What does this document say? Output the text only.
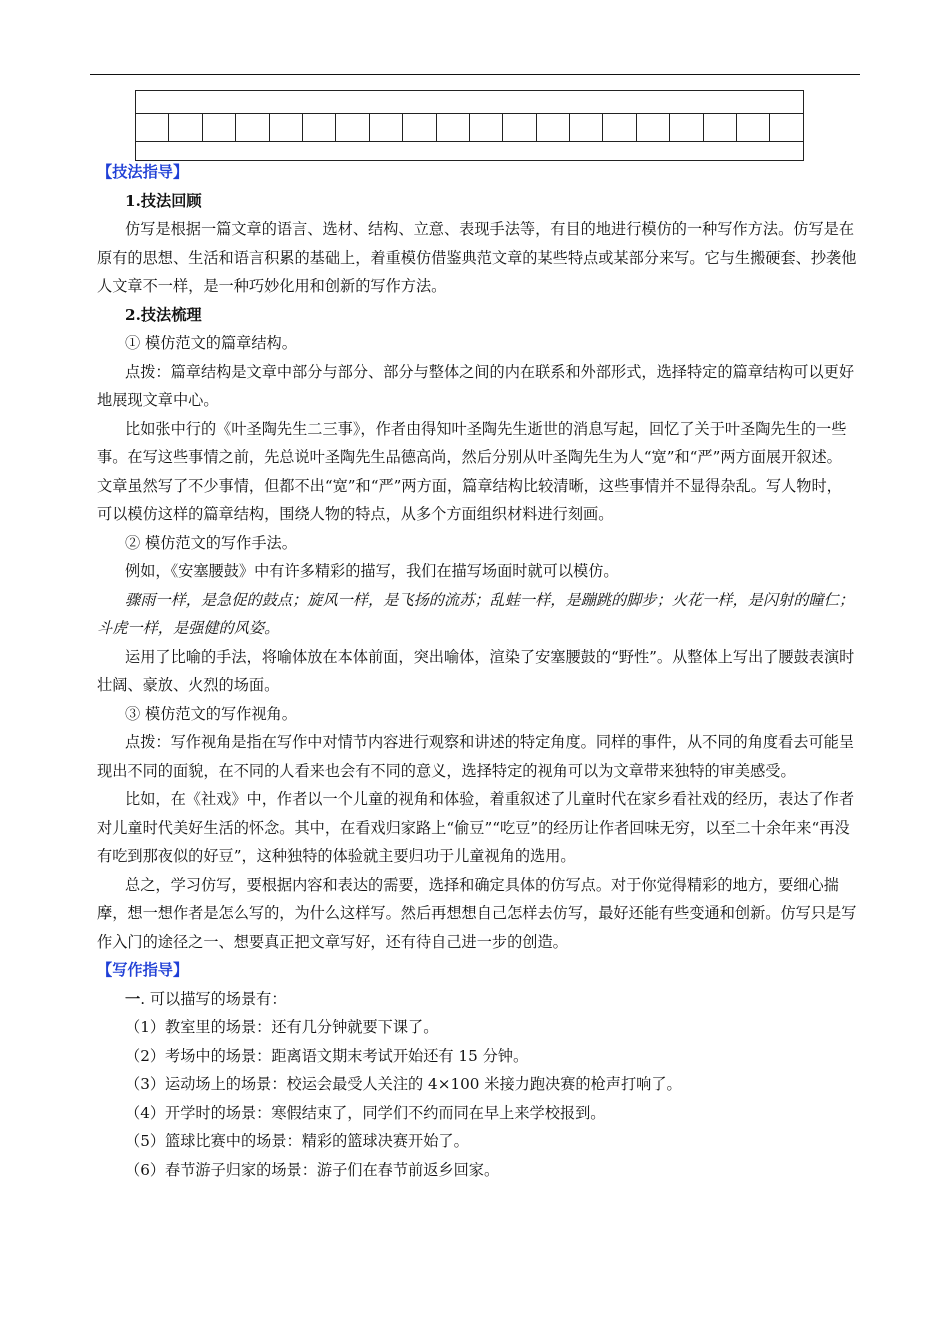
【技法指导】

1.技法回顾

仿写是根据一篇文章的语言、选材、结构、立意、表现手法等，有目的地进行模仿的一种写作方法。仿写是在原有的思想、生活和语言积累的基础上，着重模仿借鉴典范文章的某些特点或某部分来写。它与生搬硬套、抄袭他人文章不一样，是一种巧妙化用和创新的写作方法。

2.技法梳理

① 模仿范文的篇章结构。

点拨：篇章结构是文章中部分与部分、部分与整体之间的内在联系和外部形式，选择特定的篇章结构可以更好地展现文章中心。

比如张中行的《叶圣陶先生二三事》，作者由得知叶圣陶先生逝世的消息写起，回忆了关于叶圣陶先生的一些事。在写这些事情之前，先总说叶圣陶先生品德高尚，然后分别从叶圣陶先生为人“宽”和“严”两方面展开叙述。文章虽然写了不少事情，但都不出“宽”和“严”两方面，篇章结构比较清晰，这些事情并不显得杂乱。写人物时，可以模仿这样的篇章结构，围绕人物的特点，从多个方面组织材料进行刻画。

② 模仿范文的写作手法。

例如，《安塞腰鼓》中有许多精彩的描写，我们在描写场面时就可以模仿。

骤雨一样，是急促的鼓点；旋风一样，是飞扬的流苏；乱蛙一样，是蹦跳的脚步；火花一样，是闪射的瞳仁；斗虎一样，是强健的风姿。

运用了比喻的手法，将喻体放在本体前面，突出喻体，渲染了安塞腰鼓的“野性”。从整体上写出了腰鼓表演时壮阔、豪放、火烈的场面。

③ 模仿范文的写作视角。

点拨：写作视角是指在写作中对情节内容进行观察和讲述的特定角度。同样的事件，从不同的角度看去可能呈现出不同的面貌，在不同的人看来也会有不同的意义，选择特定的视角可以为文章带来独特的审美感受。

比如，在《社戏》中，作者以一个儿童的视角和体验，着重叙述了儿童时代在家乡看社戏的经历，表达了作者对儿童时代美好生活的怀念。其中，在看戏归家路上“偷豆”“吃豆”的经历让作者回味无穷，以至二十余年来“再没有吃到那夜似的好豆”，这种独特的体验就主要归功于儿童视角的选用。

总之，学习仿写，要根据内容和表达的需要，选择和确定具体的仿写点。对于你觉得精彩的地方，要细心揣摩，想一想作者是怎么写的，为什么这样写。然后再想想自己怎样去仿写，最好还能有些变通和创新。仿写只是写作入门的途径之一、想要真正把文章写好，还有待自己进一步的创造。

【写作指导】

一. 可以描写的场景有：

（1）教室里的场景：还有几分钟就要下课了。

（2）考场中的场景：距离语文期末考试开始还有 15 分钟。

（3）运动场上的场景：校运会最受人关注的 4×100 米接力跑决赛的枪声打响了。

（4）开学时的场景：寒假结束了，同学们不约而同在早上来学校报到。

（5）篮球比赛中的场景：精彩的篮球决赛开始了。

（6）春节游子归家的场景：游子们在春节前返乡回家。
